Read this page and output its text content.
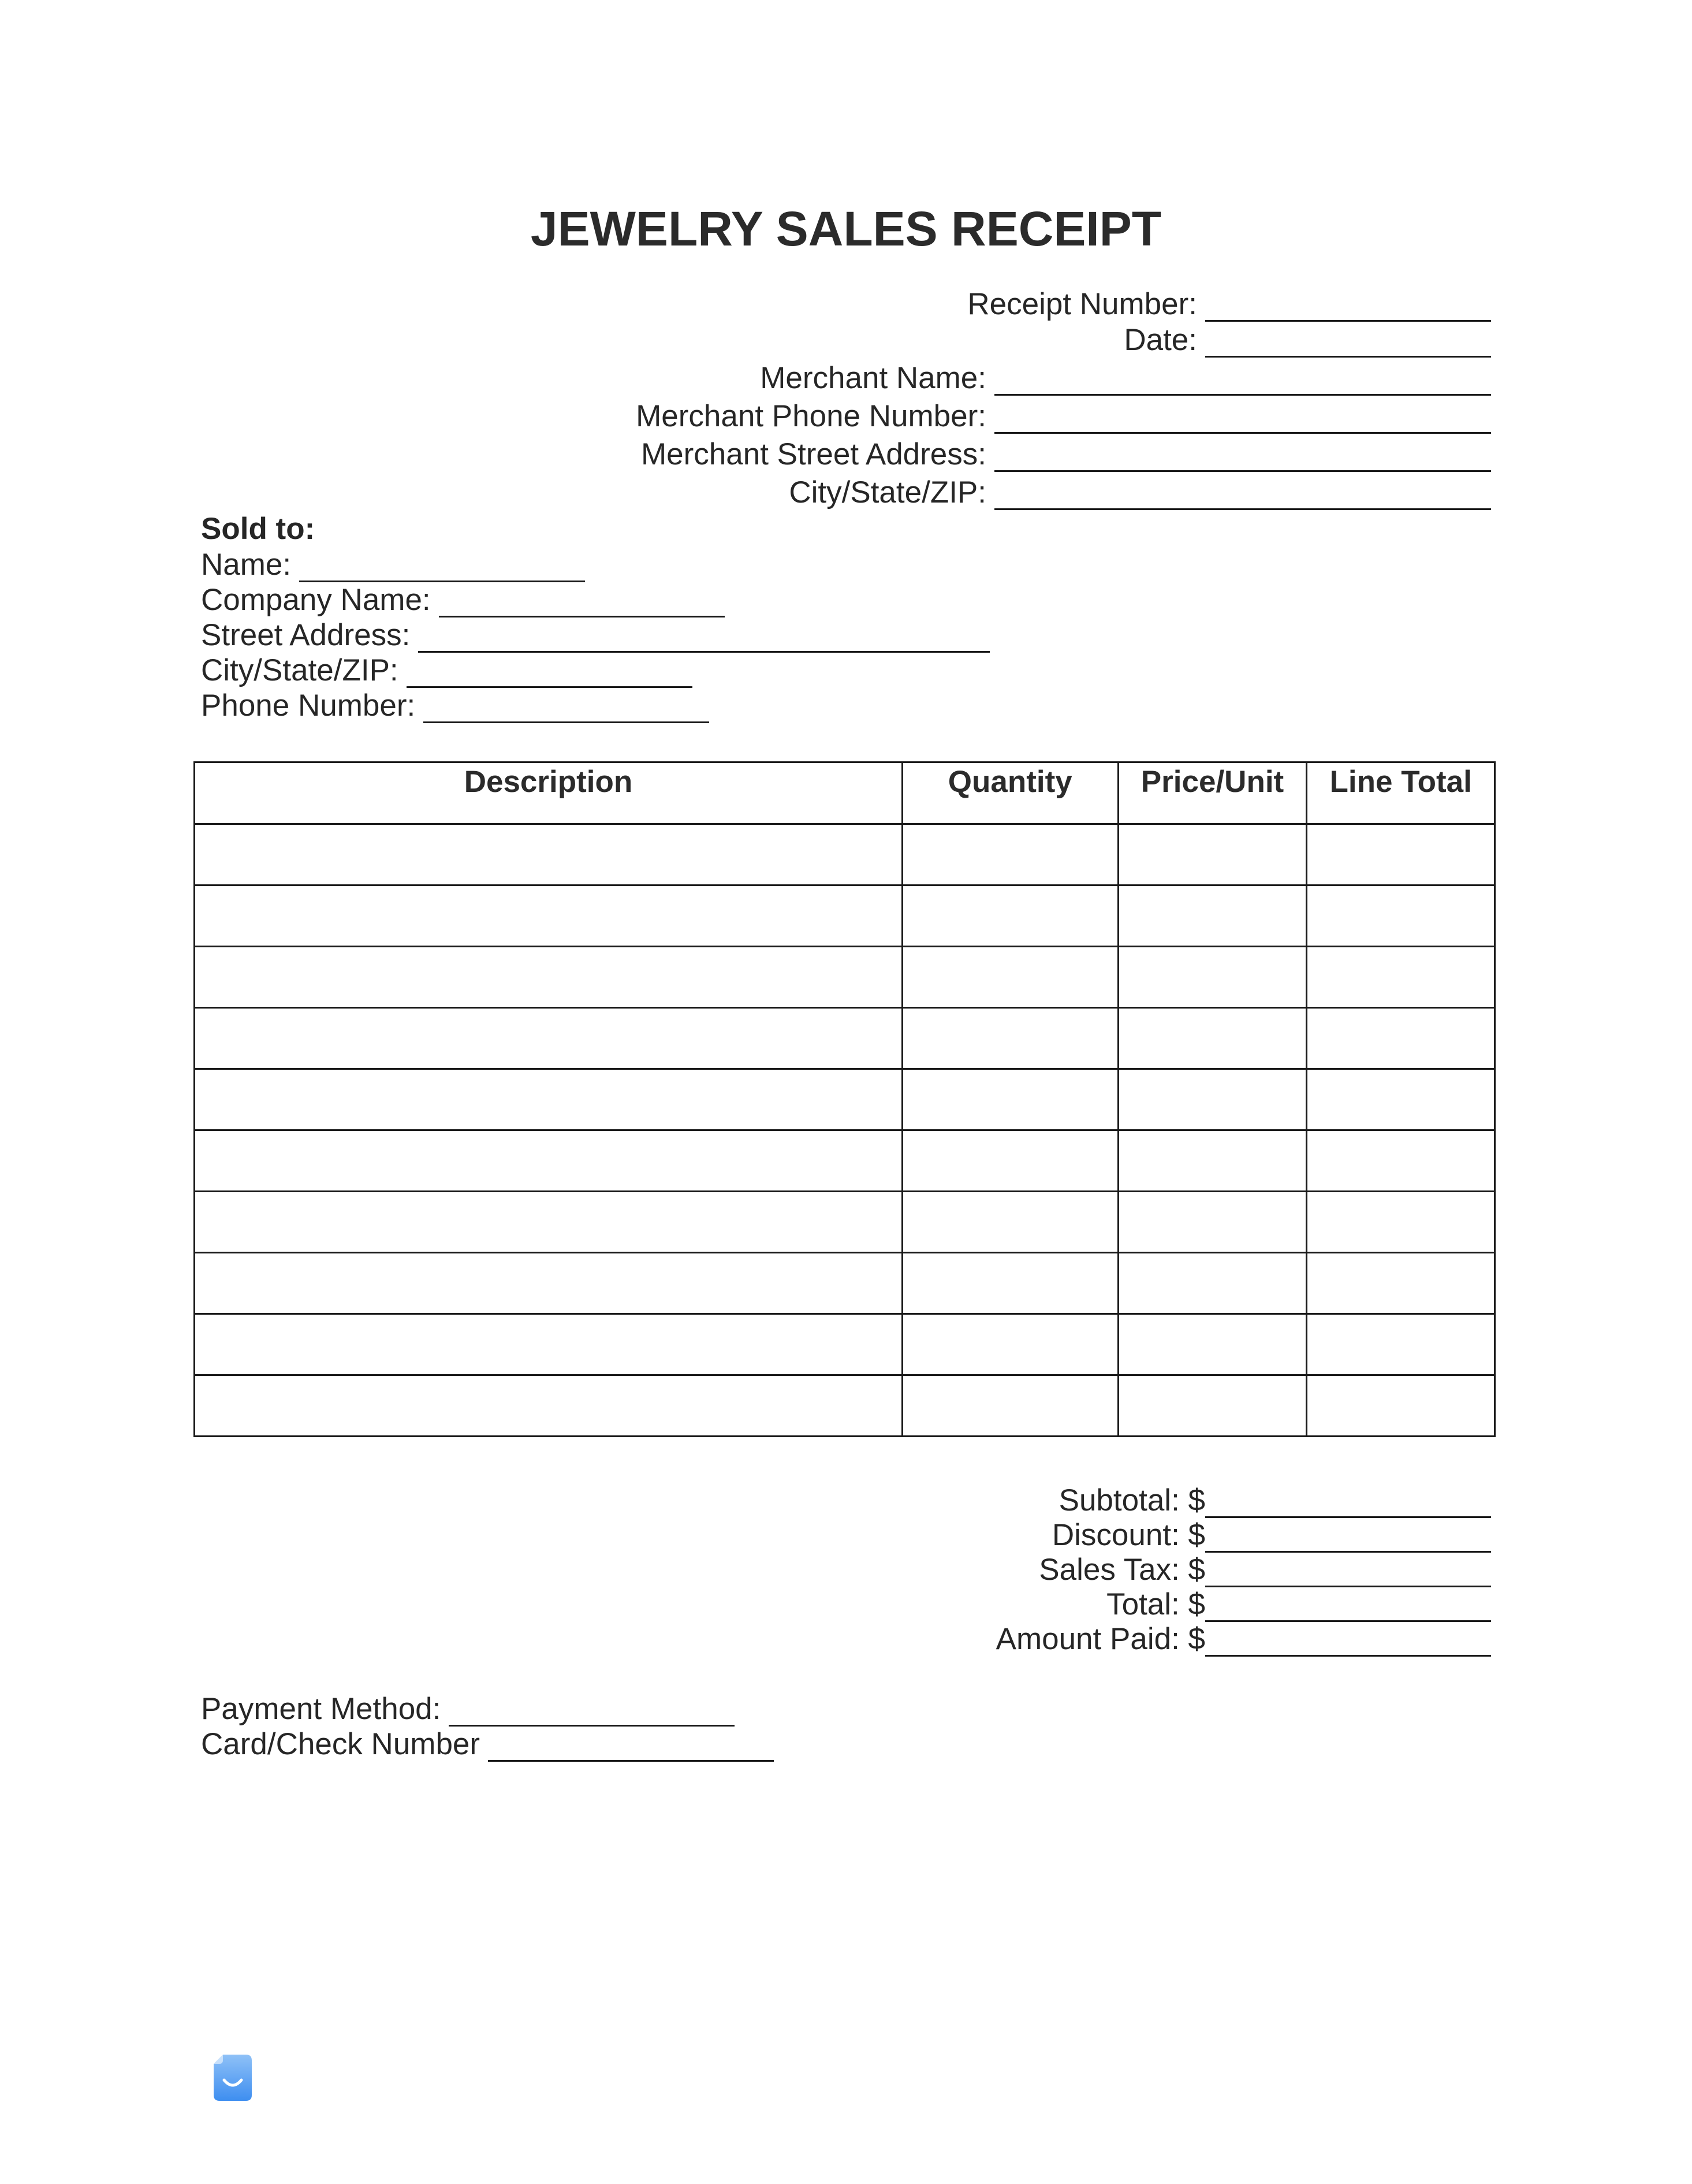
JEWELRY SALES RECEIPT
Receipt Number:
Date:
Merchant Name:
Merchant Phone Number:
Merchant Street Address:
City/State/ZIP:
Sold to:
Name:
Company Name:
Street Address:
City/State/ZIP:
Phone Number:
Description	Quantity	Price/Unit	Line Total

Subtotal: $
Discount: $
Sales Tax: $
Total: $
Amount Paid: $
Payment Method:
Card/Check Number
